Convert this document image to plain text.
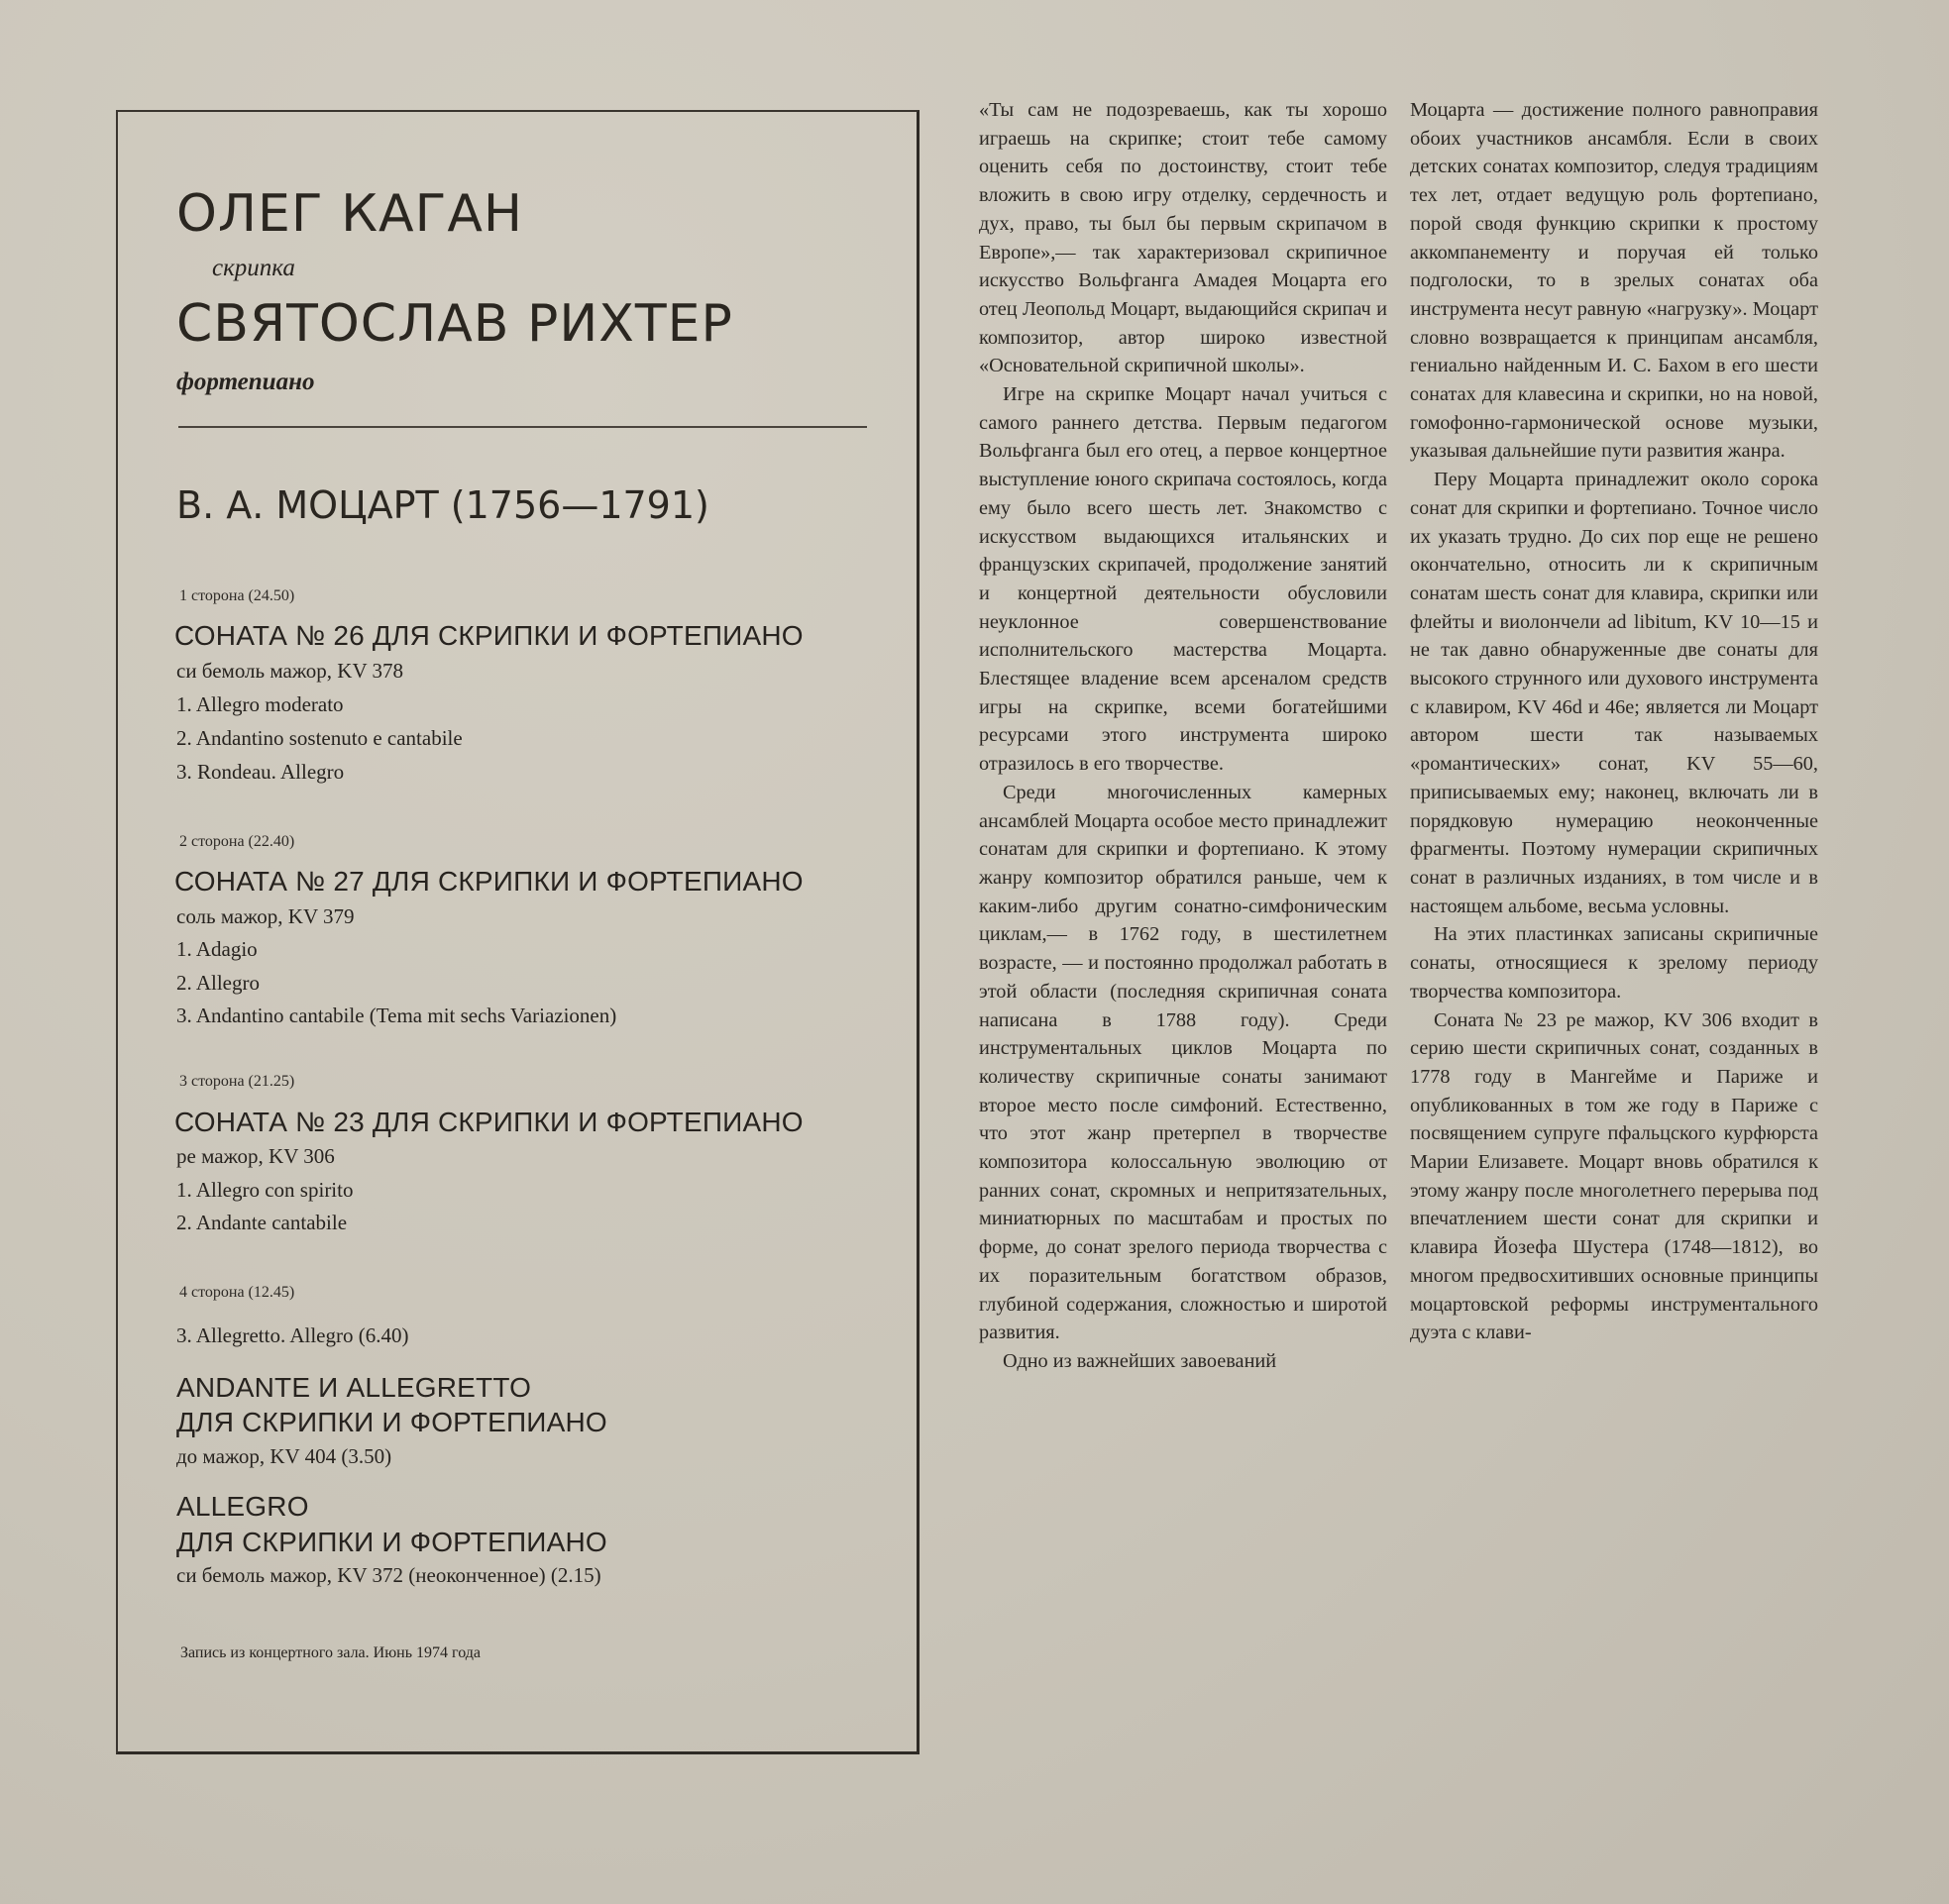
ОЛЕГ КАГАН
скрипка
СВЯТОСЛАВ РИХТЕР
фортепиано
В. А. МОЦАРТ (1756—1791)
1 сторона (24.50)
СОНАТА № 26 ДЛЯ СКРИПКИ И ФОРТЕПИАНО
си бемоль мажор, KV 378
1. Allegro moderato
2. Andantino sostenuto e cantabile
3. Rondeau. Allegro
2 сторона (22.40)
СОНАТА № 27 ДЛЯ СКРИПКИ И ФОРТЕПИАНО
соль мажор, KV 379
1. Adagio
2. Allegro
3. Andantino cantabile (Tema mit sechs Variazionen)
3 сторона (21.25)
СОНАТА № 23 ДЛЯ СКРИПКИ И ФОРТЕПИАНО
ре мажор, KV 306
1. Allegro con spirito
2. Andante cantabile
4 сторона (12.45)
3. Allegretto. Allegro (6.40)
ANDANTE И ALLEGRETTO
ДЛЯ СКРИПКИ И ФОРТЕПИАНО
до мажор, KV 404 (3.50)
ALLEGRO
ДЛЯ СКРИПКИ И ФОРТЕПИАНО
си бемоль мажор, KV 372 (неоконченное) (2.15)
Запись из концертного зала. Июнь 1974 года

«Ты сам не подозреваешь, как ты хорошо играешь на скрипке; стоит тебе самому оценить себя по достоинству, стоит тебе вложить в свою игру отделку, сердечность и дух, право, ты был бы первым скрипачом в Европе»,— так характеризовал скрипичное искусство Вольфганга Амадея Моцарта его отец Леопольд Моцарт, выдающийся скрипач и композитор, автор широко известной «Основательной скрипичной школы».

Игре на скрипке Моцарт начал учиться с самого раннего детства. Первым педагогом Вольфганга был его отец, а первое концертное выступление юного скрипача состоялось, когда ему было всего шесть лет. Знакомство с искусством выдающихся итальянских и французских скрипачей, продолжение занятий и концертной деятельности обусловили неуклонное совершенствование исполнительского мастерства Моцарта. Блестящее владение всем арсеналом средств игры на скрипке, всеми богатейшими ресурсами этого инструмента широко отразилось в его творчестве.

Среди многочисленных камерных ансамблей Моцарта особое место принадлежит сонатам для скрипки и фортепиано. К этому жанру композитор обратился раньше, чем к каким-либо другим сонатно-симфоническим циклам,— в 1762 году, в шестилетнем возрасте, — и постоянно продолжал работать в этой области (последняя скрипичная соната написана в 1788 году). Среди инструментальных циклов Моцарта по количеству скрипичные сонаты занимают второе место после симфоний. Естественно, что этот жанр претерпел в творчестве композитора колоссальную эволюцию от ранних сонат, скромных и непритязательных, миниатюрных по масштабам и простых по форме, до сонат зрелого периода творчества с их поразительным богатством образов, глубиной содержания, сложностью и широтой развития.

Одно из важнейших завоеваний

Моцарта — достижение полного равноправия обоих участников ансамбля. Если в своих детских сонатах композитор, следуя традициям тех лет, отдает ведущую роль фортепиано, порой сводя функцию скрипки к простому аккомпанементу и поручая ей только подголоски, то в зрелых сонатах оба инструмента несут равную «нагрузку». Моцарт словно возвращается к принципам ансамбля, гениально найденным И. С. Бахом в его шести сонатах для клавесина и скрипки, но на новой, гомофонно-гармонической основе музыки, указывая дальнейшие пути развития жанра.

Перу Моцарта принадлежит около сорока сонат для скрипки и фортепиано. Точное число их указать трудно. До сих пор еще не решено окончательно, относить ли к скрипичным сонатам шесть сонат для клавира, скрипки или флейты и виолончели ad libitum, KV 10—15 и не так давно обнаруженные две сонаты для высокого струнного или духового инструмента с клавиром, KV 46d и 46e; является ли Моцарт автором шести так называемых «романтических» сонат, KV 55—60, приписываемых ему; наконец, включать ли в порядковую нумерацию неоконченные фрагменты. Поэтому нумерации скрипичных сонат в различных изданиях, в том числе и в настоящем альбоме, весьма условны.

На этих пластинках записаны скрипичные сонаты, относящиеся к зрелому периоду творчества композитора.

Соната № 23 ре мажор, KV 306 входит в серию шести скрипичных сонат, созданных в 1778 году в Мангейме и Париже и опубликованных в том же году в Париже с посвящением супруге пфальцского курфюрста Марии Елизавете. Моцарт вновь обратился к этому жанру после многолетнего перерыва под впечатлением шести сонат для скрипки и клавира Йозефа Шустера (1748—1812), во многом предвосхитивших основные принципы моцартовской реформы инструментального дуэта с клави-
